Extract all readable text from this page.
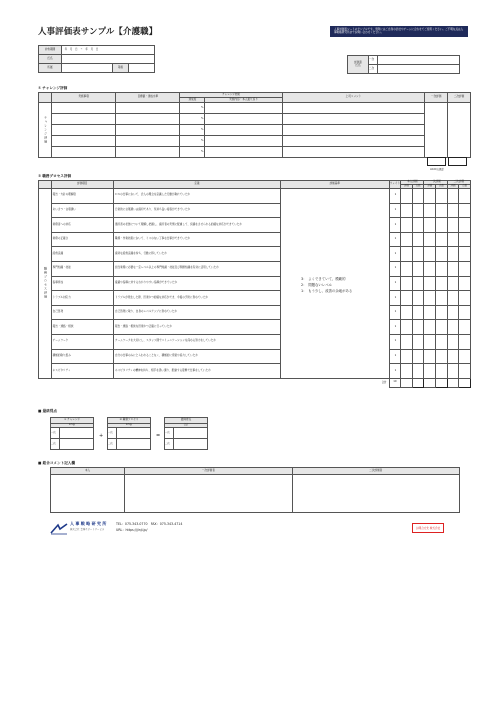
人事評価表サンプル【介護職】	人事評価表シートのサンプルです。実際にはご自身の会社やチームに合わせてご使用ください。ご不明な点は人事戦略研究所までお問い合わせください。
対象期間	　年　月　日　〜　年　月　日		
氏名			
所属		等級	
評価者
氏名	一次	
	二次	
① チャレンジ評価
	実施事項	目標値・達成水準	チャレンジ結果		上司コメント	一次評価	二次評価
			達成度	実施内容・本人振り返り			
チャレンジ評価			%				
			%				
			%				
			%				
			%				
※100点換算
② 職務プロセス評価
	評価項目	定義	評価基準	ウェイト	本人評価		一次評価		二次評価	
					評価	点数	評価	点数	評価	点数
職務プロセス評価	報告・方針の理解度	ＤＸの仕事において、会人の理念を意識した行動が取れていたか		1						
	あいさつ・言葉遣い	日常的に言葉遣いは適切であり、気持ち良い接客ができていたか		1						
	業務者への対応	通所者の状態について理解し把握し、適所者の実情に配慮して、設備をさせられる的確な対応ができていたか		1						
	業務の正確さ	職務・作業技術において、ミスのない丁寧な仕事ができていたか		1						
	経費意識	適切な経費意識を持ち、行動に移していたか		1						
	専門知識・技能	担当業務に必要な一定レベル以上の専門知識・技能及び関連知識を有効に活用していたか		1						
	指導育成	後輩や指導に対するわかりやすい指導ができていたか		1						
	トラブル対応力	トラブルが発生した際、迅速かつ的確な対応ができ、今後の予防に努めていたか		1						
	自己啓発	自己啓発に取り、自身のレベルアップに努めていたか		1						
	報告・連絡・相談	報告・連絡・相談を迅速かつ正確に行っていたか		1						
	チームワーク	チームワークを大切にし、スタッフ間でコミュニケーションを深める努力をしていたか		1						
	積極的取り組み	自分の仕事のみにとらわれることなく、積極的に発案や協力していたか		1						
	ホスピタリティ	ホスピタリティの精神を持ち、相手を思い遣り、配慮する姿勢で仕事をしていたか		1						
合計				10						
3：　よくできていて、模範的
2：　問題ないレベル
1：　もう少し、改善の余地がある
■ 最終得点
① チャレンジ	
0.5倍	
一次	
二次	
+
② 職務プロセス	
0.5倍	
一次	
二次	
=
最終得点	
合計	
一次	
二次	
■ 総合コメント記入欄
本人	一次評価者	二次評価者

人 事 戦 略 研 究 所
株式会社 業務サポートサービス
TEL：075-343-0770　FAX：075-343-4714
URL：https://jinji.jp/	お問合せ先 株式会社
